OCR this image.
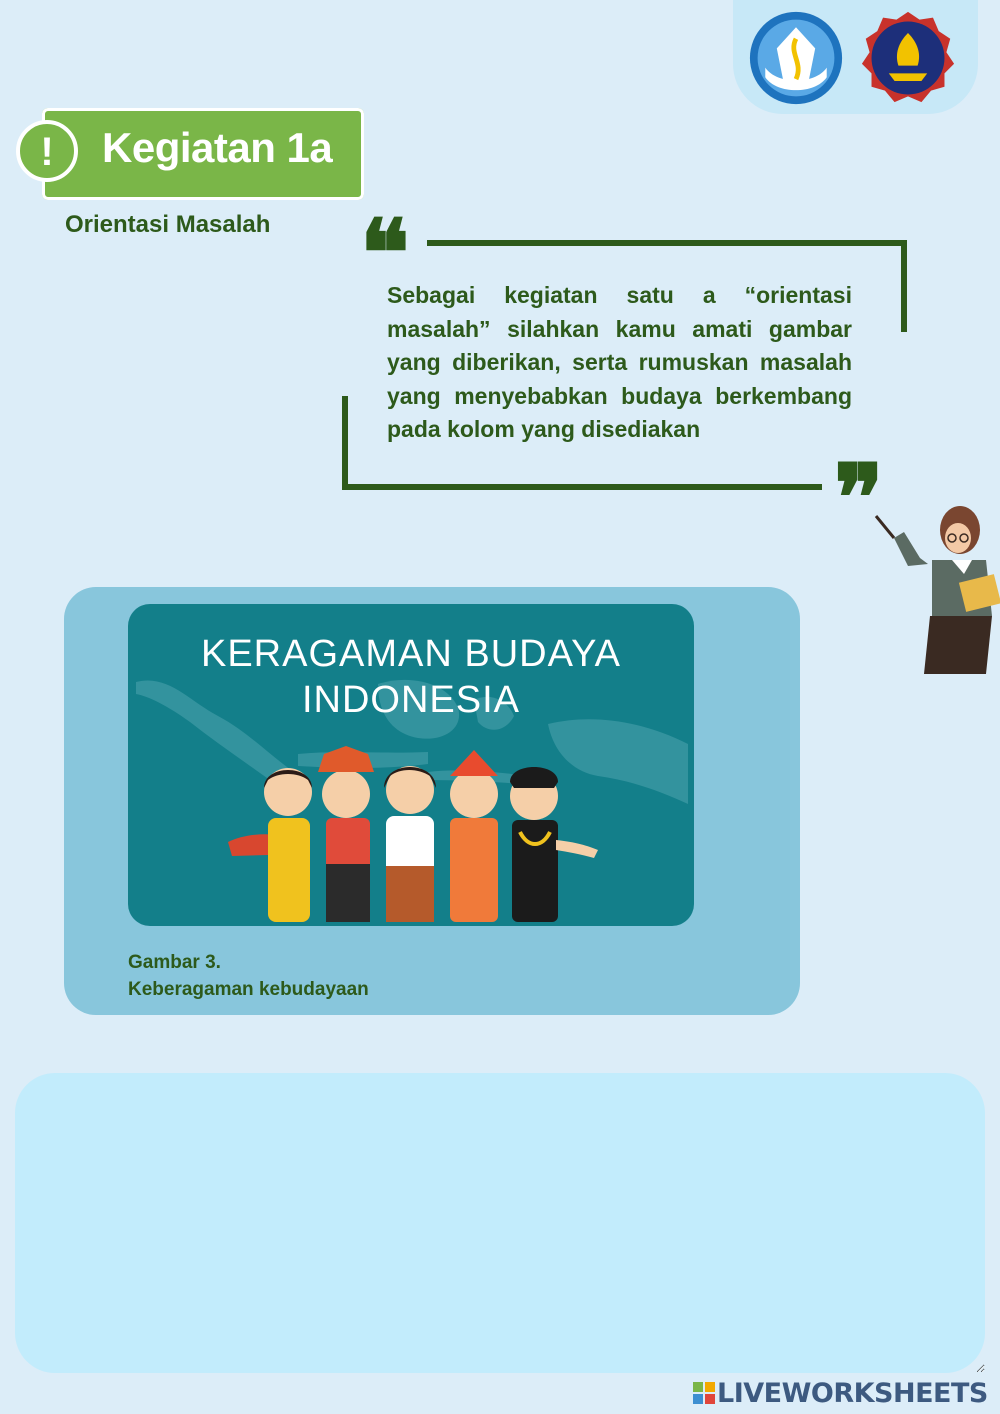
Kegiatan 1a
!
Orientasi Masalah ❝
❞
Sebagai kegiatan satu a “orientasi masalah” silahkan kamu amati gambar yang diberikan, serta rumuskan masalah yang menyebabkan budaya berkembang pada kolom yang disediakan
KERAGAMAN BUDAYA
INDONESIA
Gambar 3.
Keberagaman kebudayaan
LIVEWORKSHEETS
